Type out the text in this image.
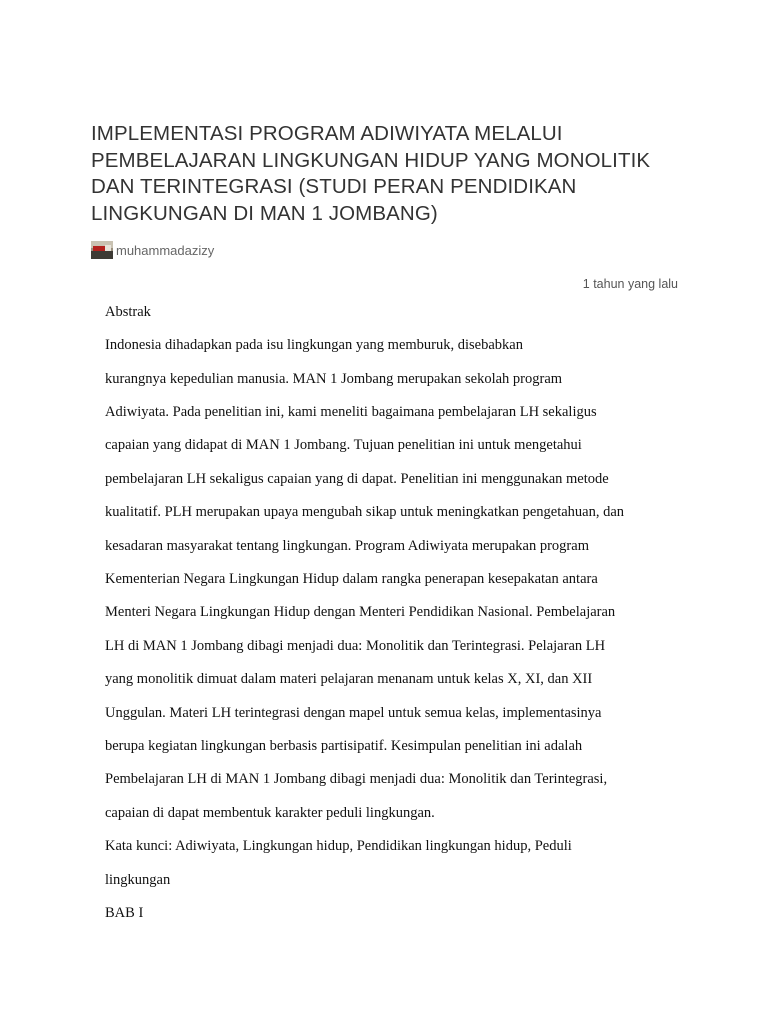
IMPLEMENTASI PROGRAM ADIWIYATA MELALUI
PEMBELAJARAN LINGKUNGAN HIDUP YANG MONOLITIK
DAN TERINTEGRASI (STUDI PERAN PENDIDIKAN
LINGKUNGAN DI MAN 1 JOMBANG)
muhammadazizy
1 tahun yang lalu
Abstrak
Indonesia dihadapkan pada isu lingkungan yang memburuk, disebabkan
kurangnya kepedulian manusia. MAN 1 Jombang merupakan sekolah program
Adiwiyata. Pada penelitian ini, kami meneliti bagaimana pembelajaran LH sekaligus
capaian yang didapat di MAN 1 Jombang. Tujuan penelitian ini untuk mengetahui
pembelajaran LH sekaligus capaian yang di dapat. Penelitian ini menggunakan metode
kualitatif. PLH merupakan upaya mengubah sikap untuk meningkatkan pengetahuan, dan
kesadaran masyarakat tentang lingkungan. Program Adiwiyata merupakan program
Kementerian Negara Lingkungan Hidup dalam rangka penerapan kesepakatan antara
Menteri Negara Lingkungan Hidup dengan Menteri Pendidikan Nasional. Pembelajaran
LH di MAN 1 Jombang dibagi menjadi dua: Monolitik dan Terintegrasi. Pelajaran LH
yang monolitik dimuat dalam materi pelajaran menanam untuk kelas X, XI, dan XII
Unggulan. Materi LH terintegrasi dengan mapel untuk semua kelas, implementasinya
berupa kegiatan lingkungan berbasis partisipatif. Kesimpulan penelitian ini adalah
Pembelajaran LH di MAN 1 Jombang dibagi menjadi dua: Monolitik dan Terintegrasi,
capaian di dapat membentuk karakter peduli lingkungan.
Kata kunci: Adiwiyata, Lingkungan hidup, Pendidikan lingkungan hidup, Peduli
lingkungan
BAB I
